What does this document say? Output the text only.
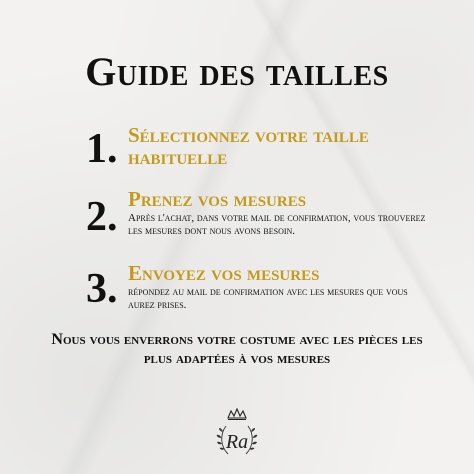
Guide des tailles
1. Sélectionnez votre taille habituelle
2. Prenez vos mesures
Après l'achat, dans votre mail de confirmation, vous trouverez les mesures dont nous avons besoin.
3. Envoyez vos mesures
répondez au mail de confirmation avec les mesures que vous aurez prises.
Nous vous enverrons votre costume avec les pièces les plus adaptées à vos mesures
Ra
